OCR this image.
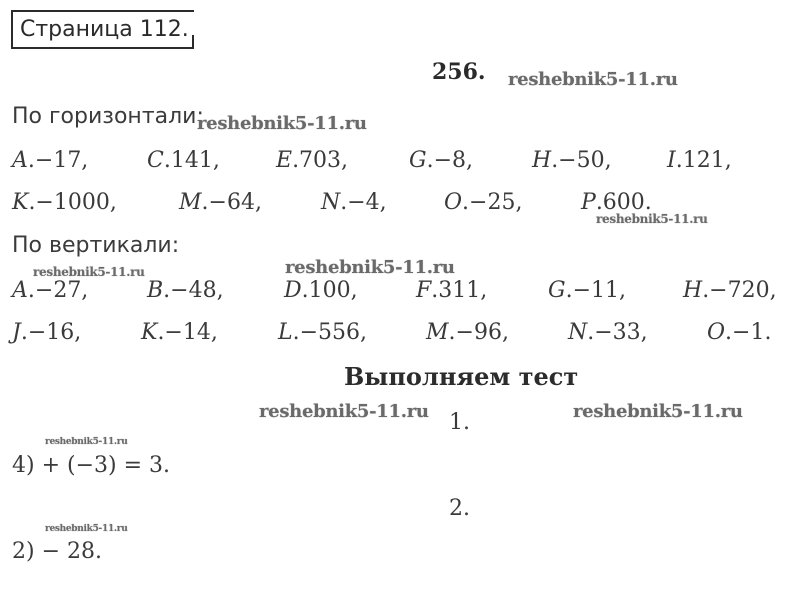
Страница 112.
256.
По горизонтали:
A.−17,	C.141,	E.703,	G.−8,	H.−50,	I.121,
K.−1000,	M.−64,	N.−4,	O.−25,	P.600.
По вертикали:
A.−27,	B.−48,	D.100,	F.311,	G.−11,	H.−720,
J.−16,	K.−14,	L.−556,	M.−96,	N.−33,	O.−1.
Выполняем тест
1.
4) + (−3) = 3.
2.
2) − 28.
reshebnik5-11.ru
reshebnik5-11.ru
reshebnik5-11.ru
reshebnik5-11.ru	reshebnik5-11.ru
reshebnik5-11.ru	reshebnik5-11.ru
reshebnik5-11.ru
reshebnik5-11.ru
